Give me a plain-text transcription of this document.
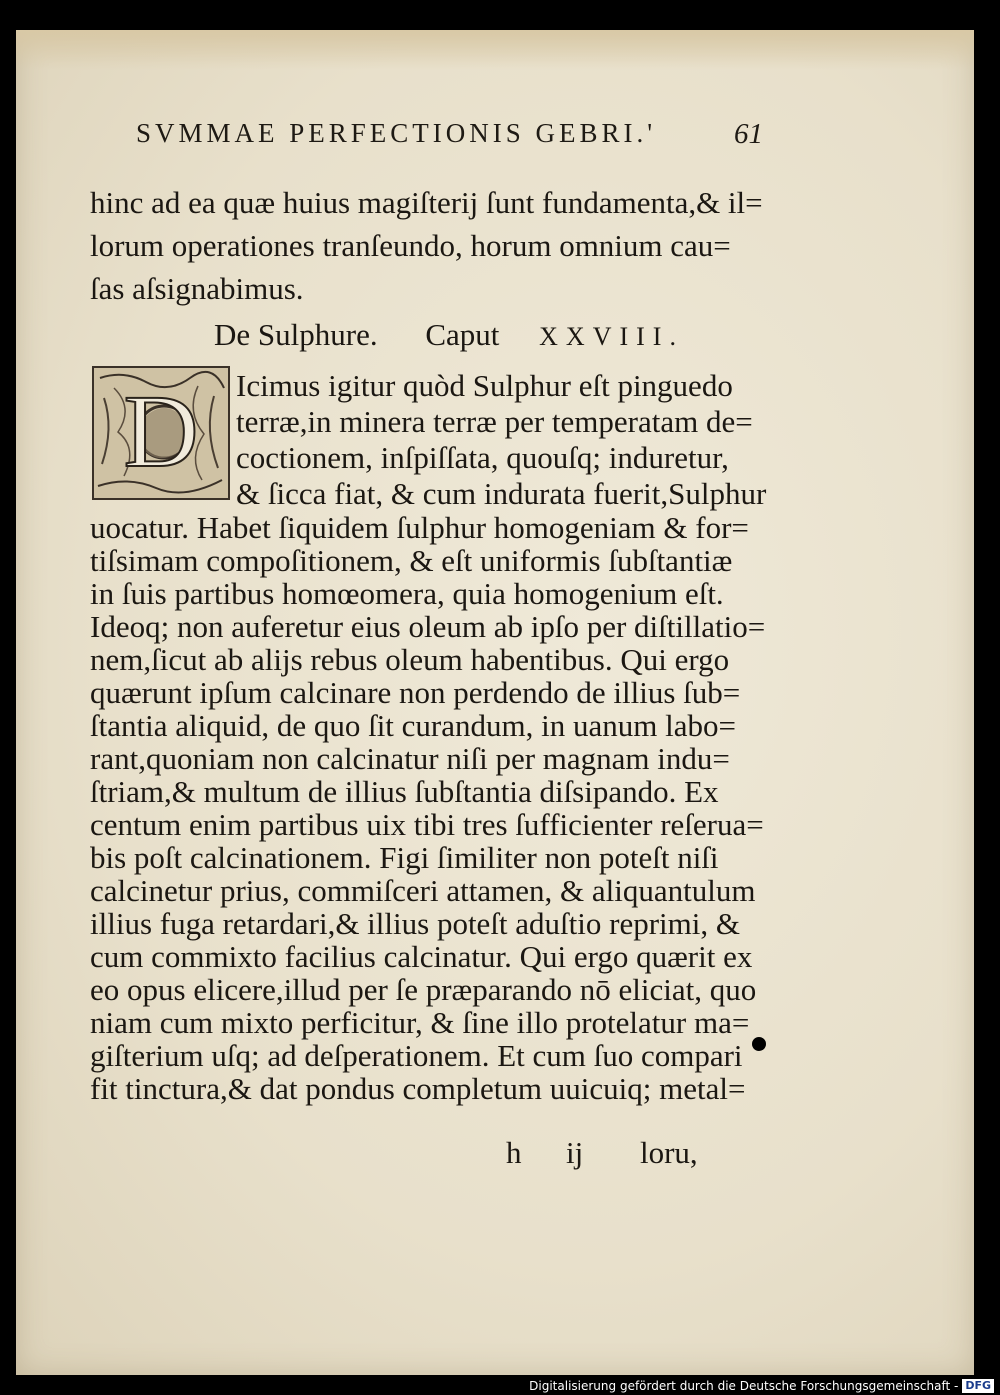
SVMMAE PERFECTIONIS GEBRI.'	61
hinc ad ea quæ huius magiſterij ſunt fundamenta,& il=
lorum operationes tranſeundo, horum omnium cau=
ſas aſsignabimus.
De Sulphure. Caput XXVIII.
D Icimus igitur quòd Sulphur eſt pinguedo
terræ,in minera terræ per temperatam de=
coctionem, inſpiſſata, quouſq; induretur,
& ſicca fiat, & cum indurata fuerit,Sulphur
uocatur. Habet ſiquidem ſulphur homogeniam & for=
tiſsimam compoſitionem, & eſt uniformis ſubſtantiæ
in ſuis partibus homœomera, quia homogenium eſt.
Ideoq; non auferetur eius oleum ab ipſo per diſtillatio=
nem,ſicut ab alijs rebus oleum habentibus. Qui ergo
quærunt ipſum calcinare non perdendo de illius ſub=
ſtantia aliquid, de quo ſit curandum, in uanum labo=
rant,quoniam non calcinatur niſi per magnam indu=
ſtriam,& multum de illius ſubſtantia diſsipando. Ex
centum enim partibus uix tibi tres ſufficienter reſerua=
bis poſt calcinationem. Figi ſimiliter non poteſt niſi
calcinetur prius, commiſceri attamen, & aliquantulum
illius fuga retardari,& illius poteſt aduſtio reprimi, &
cum commixto facilius calcinatur. Qui ergo quærit ex
eo opus elicere,illud per ſe præparando nō eliciat, quo
niam cum mixto perficitur, & ſine illo protelatur ma=
giſterium uſq; ad deſperationem. Et cum ſuo compari
fit tinctura,& dat pondus completum uuicuiq; metal=
h ij loru,
Digitalisierung gefördert durch die Deutsche Forschungsgemeinschaft - DFG
